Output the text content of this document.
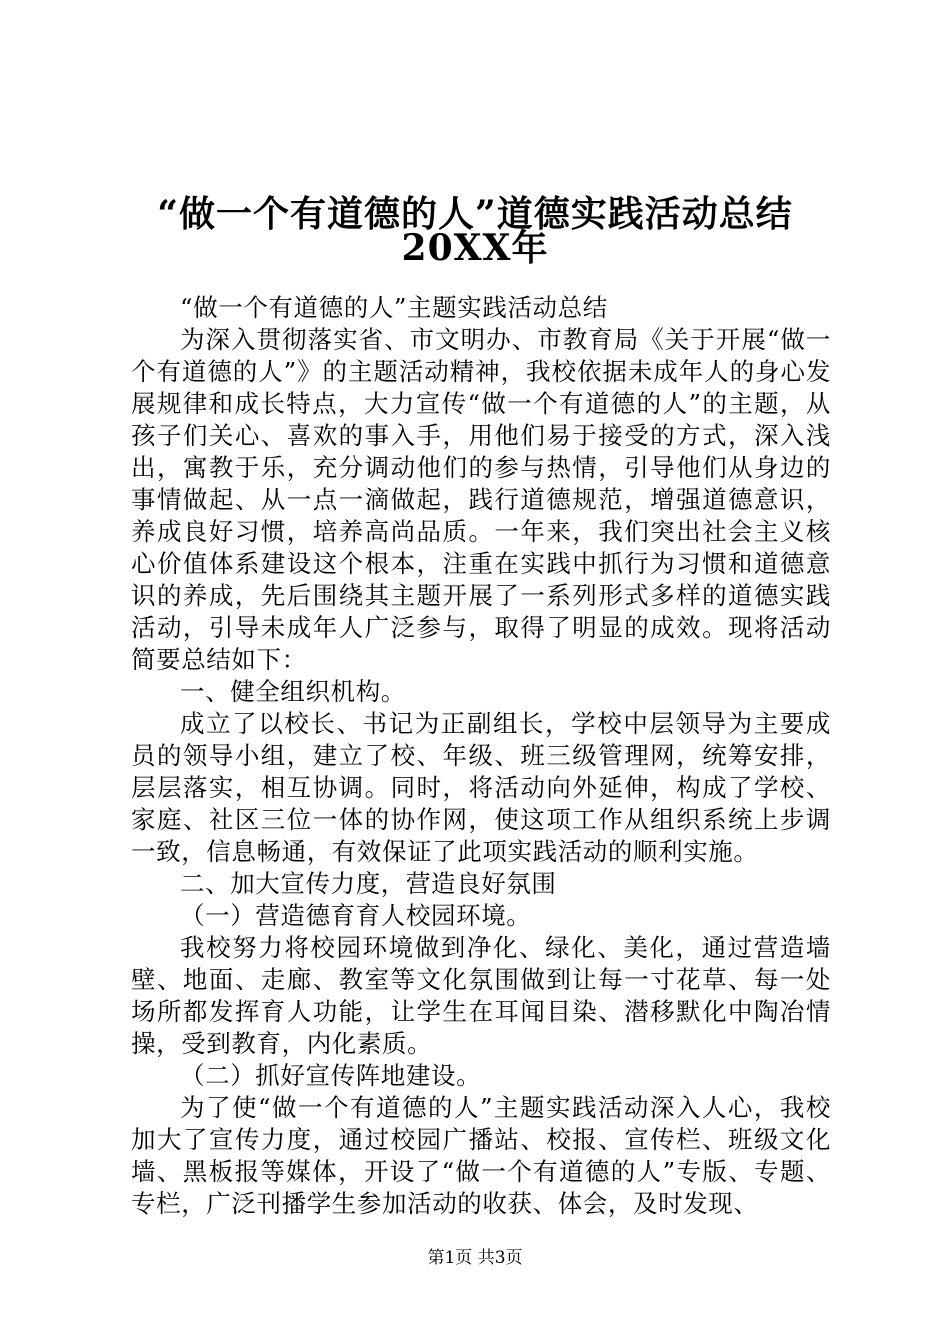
“做一个有道德的人”道德实践活动总结
20XX年

“做一个有道德的人”主题实践活动总结

为深入贯彻落实省、市文明办、市教育局《关于开展“做一个有道德的人”》的主题活动精神，我校依据未成年人的身心发展规律和成长特点，大力宣传“做一个有道德的人”的主题，从孩子们关心、喜欢的事入手，用他们易于接受的方式，深入浅出，寓教于乐，充分调动他们的参与热情，引导他们从身边的事情做起、从一点一滴做起，践行道德规范，增强道德意识，养成良好习惯，培养高尚品质。一年来，我们突出社会主义核心价值体系建设这个根本，注重在实践中抓行为习惯和道德意识的养成，先后围绕其主题开展了一系列形式多样的道德实践活动，引导未成年人广泛参与，取得了明显的成效。现将活动简要总结如下：

一、健全组织机构。

成立了以校长、书记为正副组长，学校中层领导为主要成员的领导小组，建立了校、年级、班三级管理网，统筹安排，层层落实，相互协调。同时，将活动向外延伸，构成了学校、家庭、社区三位一体的协作网，使这项工作从组织系统上步调一致，信息畅通，有效保证了此项实践活动的顺利实施。

二、加大宣传力度，营造良好氛围

（一）营造德育育人校园环境。

我校努力将校园环境做到净化、绿化、美化，通过营造墙壁、地面、走廊、教室等文化氛围做到让每一寸花草、每一处场所都发挥育人功能，让学生在耳闻目染、潜移默化中陶冶情操，受到教育，内化素质。

（二）抓好宣传阵地建设。

为了使“做一个有道德的人”主题实践活动深入人心，我校加大了宣传力度，通过校园广播站、校报、宣传栏、班级文化墙、黑板报等媒体，开设了“做一个有道德的人”专版、专题、专栏，广泛刊播学生参加活动的收获、体会，及时发现、

第1页 共3页
